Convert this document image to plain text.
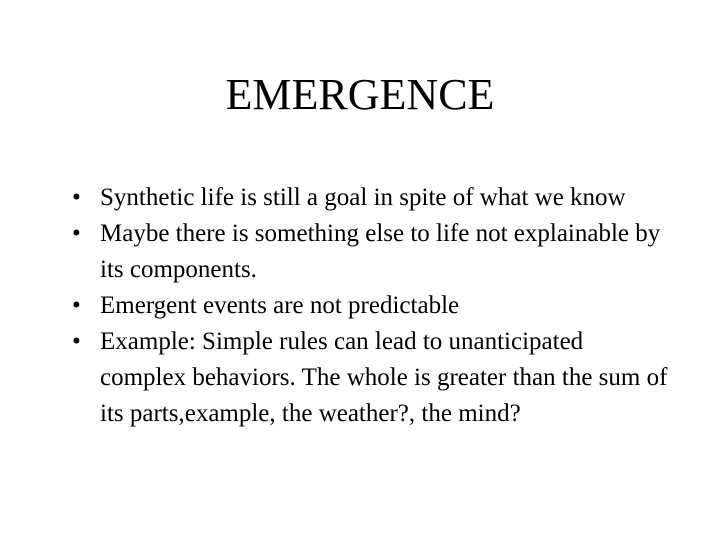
EMERGENCE
• Synthetic life is still a goal in spite of what we know
• Maybe there is something else to life not explainable by its components.
• Emergent events are not predictable
• Example: Simple rules can lead to unanticipated complex behaviors. The whole is greater than the sum of its parts,example, the weather?, the mind?
